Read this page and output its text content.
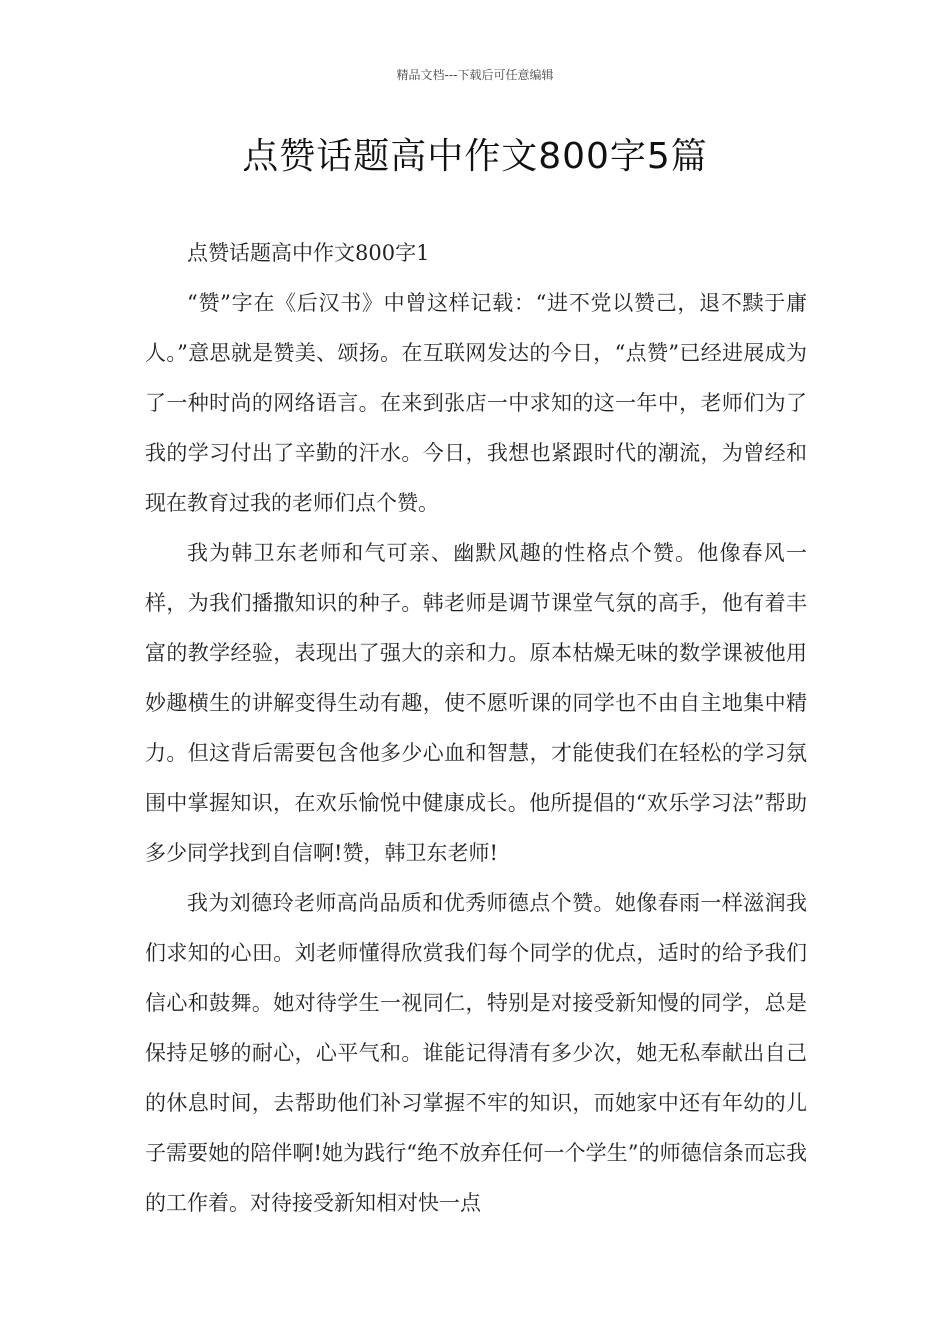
精品文档---下载后可任意编辑
点赞话题高中作文800字5篇

点赞话题高中作文800字1

“赞”字在《后汉书》中曾这样记载：“进不党以赞己，退不黩于庸人。”意思就是赞美、颂扬。在互联网发达的今日，“点赞”已经进展成为了一种时尚的网络语言。在来到张店一中求知的这一年中，老师们为了我的学习付出了辛勤的汗水。今日，我想也紧跟时代的潮流，为曾经和现在教育过我的老师们点个赞。

我为韩卫东老师和气可亲、幽默风趣的性格点个赞。他像春风一样，为我们播撒知识的种子。韩老师是调节课堂气氛的高手，他有着丰富的教学经验，表现出了强大的亲和力。原本枯燥无味的数学课被他用妙趣横生的讲解变得生动有趣，使不愿听课的同学也不由自主地集中精力。但这背后需要包含他多少心血和智慧，才能使我们在轻松的学习氛围中掌握知识，在欢乐愉悦中健康成长。他所提倡的“欢乐学习法”帮助多少同学找到自信啊!赞，韩卫东老师!

我为刘德玲老师高尚品质和优秀师德点个赞。她像春雨一样滋润我们求知的心田。刘老师懂得欣赏我们每个同学的优点，适时的给予我们信心和鼓舞。她对待学生一视同仁，特别是对接受新知慢的同学，总是保持足够的耐心，心平气和。谁能记得清有多少次，她无私奉献出自己的休息时间，去帮助他们补习掌握不牢的知识，而她家中还有年幼的儿子需要她的陪伴啊!她为践行“绝不放弃任何一个学生”的师德信条而忘我的工作着。对待接受新知相对快一点
